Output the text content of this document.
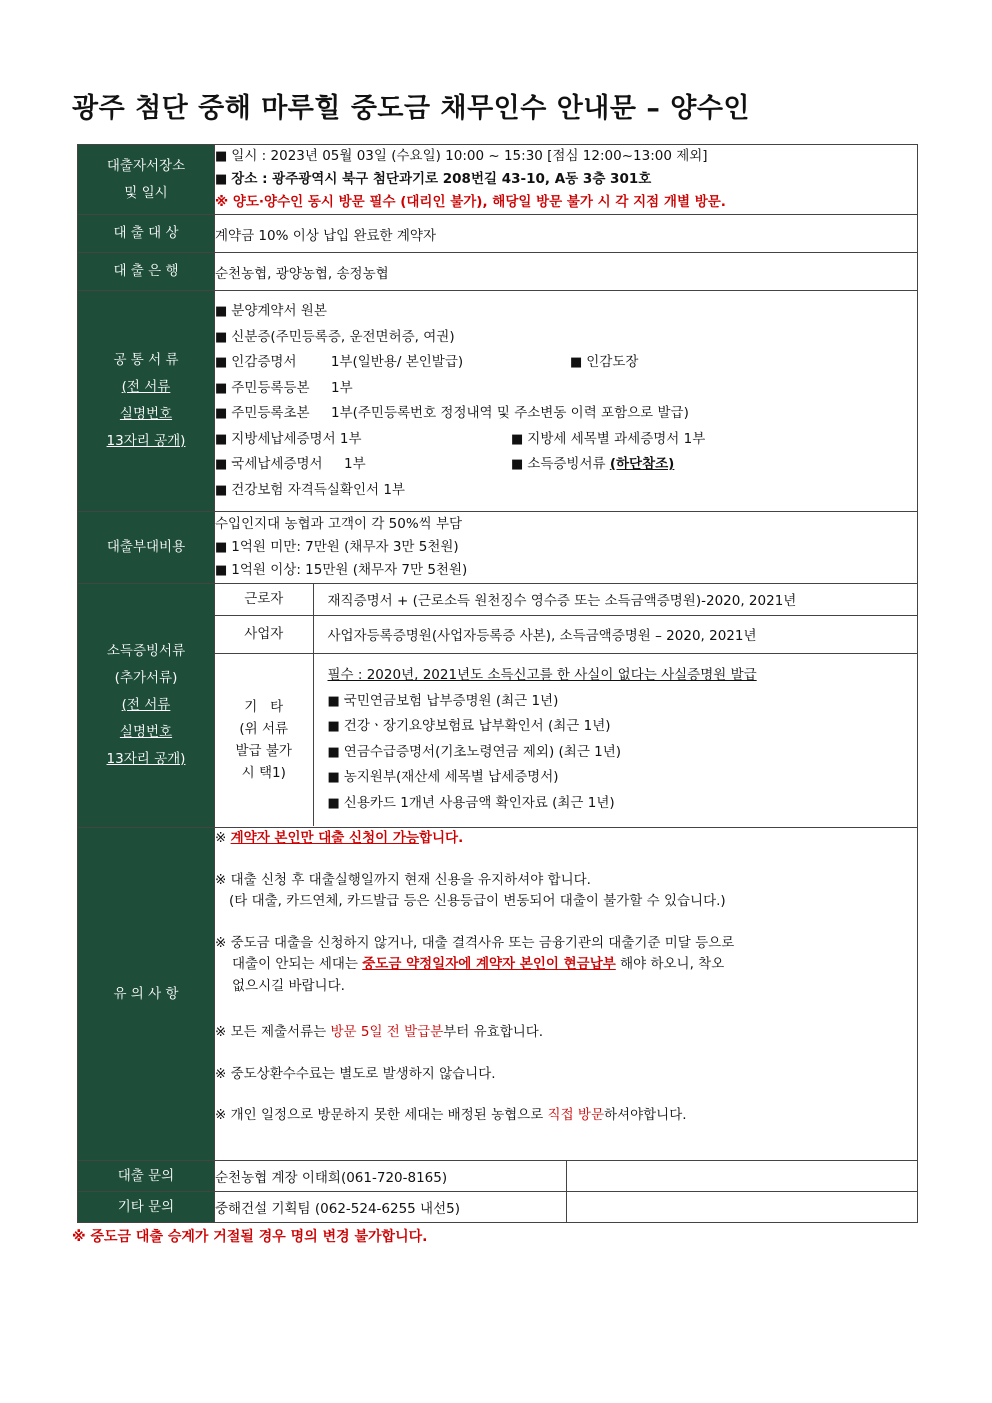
광주 첨단 중해 마루힐 중도금 채무인수 안내문 – 양수인
대출자서장소
및 일시

■ 일시 : 2023년 05월 03일 (수요일) 10:00 ~ 15:30 [점심 12:00~13:00 제외]
■ 장소 : 광주광역시 북구 첨단과기로 208번길 43-10, A동 3층 301호
※ 양도·양수인 동시 방문 필수 (대리인 불가), 해당일 방문 불가 시 각 지점 개별 방문.

대 출 대 상	계약금 10% 이상 납입 완료한 계약자
대 출 은 행	순천농협, 광양농협, 송정농협

공 통 서 류
(전 서류
실명번호
13자리 공개)

■ 분양계약서 원본
■ 신분증(주민등록증, 운전면허증, 여권)
■ 인감증명서        1부(일반용/ 본인발급)	■ 인감도장
■ 주민등록등본     1부
■ 주민등록초본     1부(주민등록번호 정정내역 및 주소변동 이력 포함으로 발급)
■ 지방세납세증명서 1부	■ 지방세 세목별 과세증명서 1부
■ 국세납세증명서     1부	■ 소득증빙서류 (하단참조)
■ 건강보험 자격득실확인서 1부

대출부대비용	
수입인지대 농협과 고객이 각 50%씩 부담
■ 1억원 미만: 7만원 (채무자 3만 5천원)
■ 1억원 이상: 15만원 (채무자 7만 5천원)

소득증빙서류
(추가서류)
(전 서류
실명번호
13자리 공개)

근로자	재직증명서 + (근로소득 원천징수 영수증 또는 소득금액증명원)-2020, 2021년
사업자	사업자등록증명원(사업자등록증 사본), 소득금액증명원 – 2020, 2021년

기   타
(위 서류
발급 불가
시 택1)

필수 : 2020년, 2021년도 소득신고를 한 사실이 없다는 사실증명원 발급
■ 국민연금보험 납부증명원 (최근 1년)
■ 건강ㆍ장기요양보험료 납부확인서 (최근 1년)
■ 연금수급증명서(기초노령연금 제외) (최근 1년)
■ 농지원부(재산세 세목별 납세증명서)
■ 신용카드 1개년 사용금액 확인자료 (최근 1년)

유 의 사 항	
※ 계약자 본인만 대출 신청이 가능합니다.
※ 대출 신청 후 대출실행일까지 현재 신용을 유지하셔야 합니다.
(타 대출, 카드연체, 카드발급 등은 신용등급이 변동되어 대출이 불가할 수 있습니다.)
※ 중도금 대출을 신청하지 않거나, 대출 결격사유 또는 금융기관의 대출기준 미달 등으로
대출이 안되는 세대는 중도금 약정일자에 계약자 본인이 현금납부 해야 하오니, 착오
없으시길 바랍니다.
※ 모든 제출서류는 방문 5일 전 발급분부터 유효합니다.
※ 중도상환수수료는 별도로 발생하지 않습니다.
※ 개인 일정으로 방문하지 못한 세대는 배정된 농협으로 직접 방문하셔야합니다.

대출 문의	순천농협 계장 이태희(061-720-8165)	
기타 문의	중해건설 기획팀 (062-524-6255 내선5)	
※ 중도금 대출 승계가 거절될 경우 명의 변경 불가합니다.
